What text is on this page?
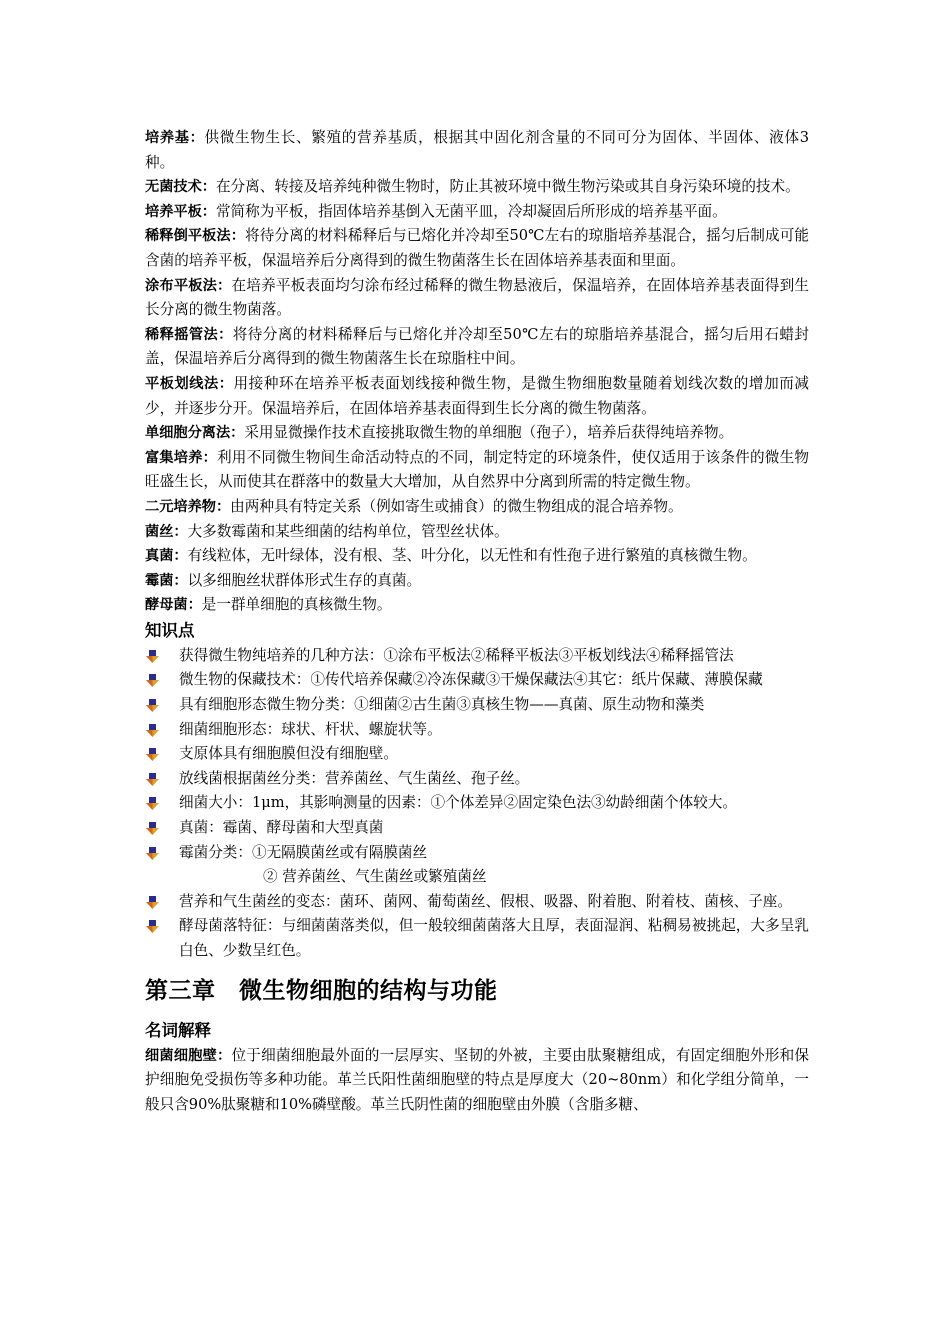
培养基：供微生物生长、繁殖的营养基质，根据其中固化剂含量的不同可分为固体、半固体、液体3种。

无菌技术：在分离、转接及培养纯种微生物时，防止其被环境中微生物污染或其自身污染环境的技术。

培养平板：常简称为平板，指固体培养基倒入无菌平皿，冷却凝固后所形成的培养基平面。

稀释倒平板法：将待分离的材料稀释后与已熔化并冷却至50℃左右的琼脂培养基混合，摇匀后制成可能含菌的培养平板，保温培养后分离得到的微生物菌落生长在固体培养基表面和里面。

涂布平板法：在培养平板表面均匀涂布经过稀释的微生物悬液后，保温培养，在固体培养基表面得到生长分离的微生物菌落。

稀释摇管法：将待分离的材料稀释后与已熔化并冷却至50℃左右的琼脂培养基混合，摇匀后用石蜡封盖，保温培养后分离得到的微生物菌落生长在琼脂柱中间。

平板划线法：用接种环在培养平板表面划线接种微生物，是微生物细胞数量随着划线次数的增加而减少，并逐步分开。保温培养后，在固体培养基表面得到生长分离的微生物菌落。

单细胞分离法：采用显微操作技术直接挑取微生物的单细胞（孢子），培养后获得纯培养物。

富集培养：利用不同微生物间生命活动特点的不同，制定特定的环境条件，使仅适用于该条件的微生物旺盛生长，从而使其在群落中的数量大大增加，从自然界中分离到所需的特定微生物。

二元培养物：由两种具有特定关系（例如寄生或捕食）的微生物组成的混合培养物。

菌丝：大多数霉菌和某些细菌的结构单位，管型丝状体。

真菌：有线粒体，无叶绿体，没有根、茎、叶分化，以无性和有性孢子进行繁殖的真核微生物。

霉菌：以多细胞丝状群体形式生存的真菌。

酵母菌：是一群单细胞的真核微生物。

知识点

获得微生物纯培养的几种方法：①涂布平板法②稀释平板法③平板划线法④稀释摇管法
微生物的保藏技术：①传代培养保藏②冷冻保藏③干燥保藏法④其它：纸片保藏、薄膜保藏
具有细胞形态微生物分类：①细菌②古生菌③真核生物——真菌、原生动物和藻类
细菌细胞形态：球状、杆状、螺旋状等。
支原体具有细胞膜但没有细胞壁。
放线菌根据菌丝分类：营养菌丝、气生菌丝、孢子丝。
细菌大小：1μm，其影响测量的因素：①个体差异②固定染色法③幼龄细菌个体较大。
真菌：霉菌、酵母菌和大型真菌
霉菌分类：①无隔膜菌丝或有隔膜菌丝
② 营养菌丝、气生菌丝或繁殖菌丝
营养和气生菌丝的变态：菌环、菌网、葡萄菌丝、假根、吸器、附着胞、附着枝、菌核、子座。
酵母菌落特征：与细菌菌落类似，但一般较细菌菌落大且厚，表面湿润、粘稠易被挑起，大多呈乳白色、少数呈红色。

第三章　微生物细胞的结构与功能

名词解释

细菌细胞壁：位于细菌细胞最外面的一层厚实、坚韧的外被，主要由肽聚糖组成，有固定细胞外形和保护细胞免受损伤等多种功能。革兰氏阳性菌细胞壁的特点是厚度大（20~80nm）和化学组分简单，一般只含90%肽聚糖和10%磷壁酸。革兰氏阴性菌的细胞壁由外膜（含脂多糖、
